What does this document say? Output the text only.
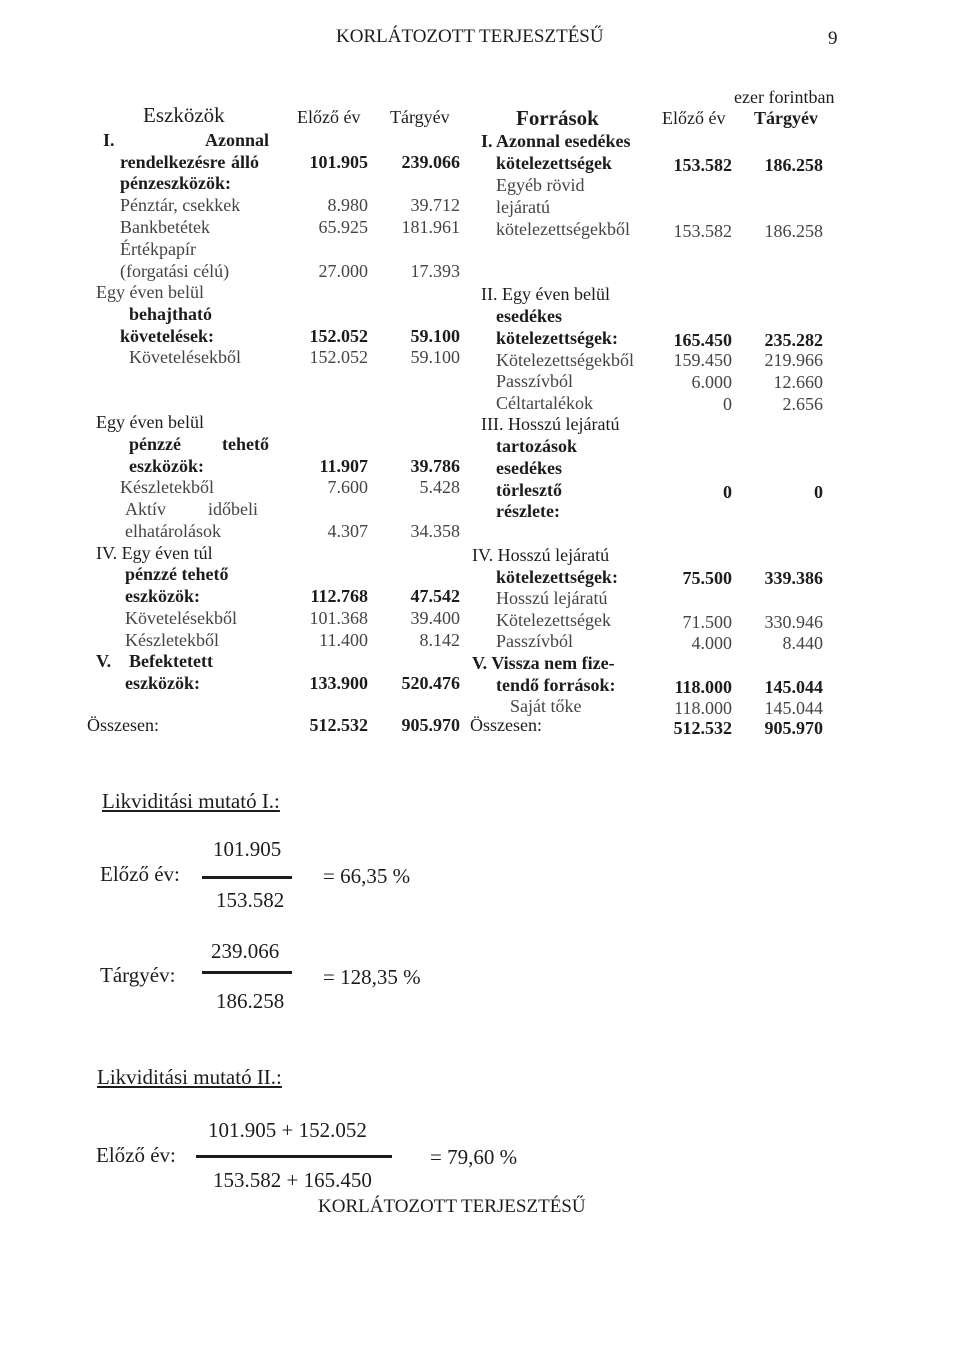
KORLÁTOZOTT TERJESZTÉSŰ	9
ezer forintban
Eszközök	Előző év Tárgyév
I.	Azonnal
rendelkezésre álló	101.905	239.066
pénzeszközök:
Pénztár, csekkek	8.980	39.712
Bankbetétek	65.925	181.961
Értékpapír
(forgatási célú)	27.000	17.393
Egy éven belül
behajtható
követelések:	152.052	59.100
Követelésekből	152.052	59.100
Egy éven belül
pénzzé tehető
eszközök:	11.907	39.786
Készletekből	7.600	5.428
Aktív időbeli
elhatárolások	4.307	34.358
IV. Egy éven túl
pénzzé tehető
eszközök:	112.768	47.542
Követelésekből	101.368	39.400
Készletekből	11.400	8.142
V. Befektetett
eszközök:	133.900	520.476
Összesen:	512.532	905.970
Források	Előző év Tárgyév
I. Azonnal esedékes
kötelezettségek	153.582	186.258
Egyéb rövid
lejáratú
kötelezettségekből	153.582	186.258
II. Egy éven belül
esedékes
kötelezettségek:	165.450	235.282
Kötelezettségekből	159.450	219.966
Passzívból	6.000	12.660
Céltartalékok	0	2.656
III. Hosszú lejáratú
tartozások
esedékes
törlesztő	0	0
részlete:
IV. Hosszú lejáratú
kötelezettségek:	75.500	339.386
Hosszú lejáratú
Kötelezettségek	71.500	330.946
Passzívból	4.000	8.440
V. Vissza nem fize-
tendő források:	118.000	145.044
Saját tőke	118.000	145.044
Összesen:	512.532	905.970
Likviditási mutató I.:
Előző év:
101.905
153.582
= 66,35 %
Tárgyév:
239.066
186.258
= 128,35 %
Likviditási mutató II.:
Előző év:
101.905 + 152.052
153.582 + 165.450
= 79,60 %
KORLÁTOZOTT TERJESZTÉSŰ
